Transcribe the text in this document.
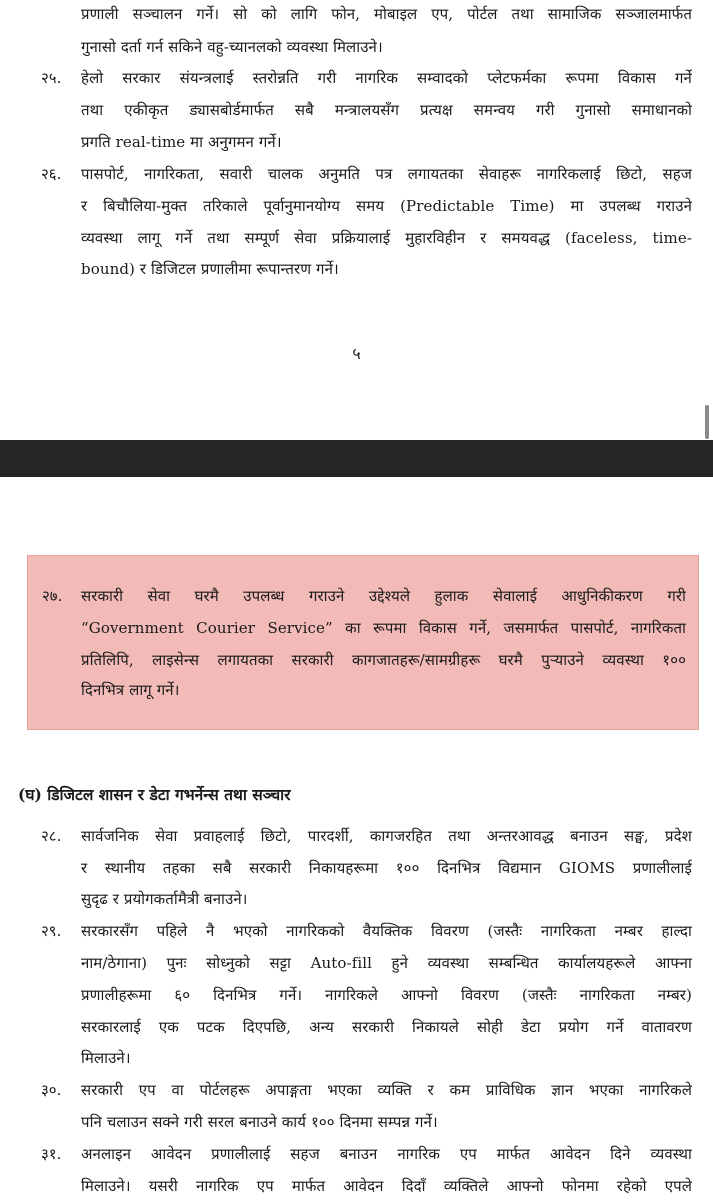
प्रणाली सञ्चालन गर्ने। सो को लागि फोन, मोबाइल एप, पोर्टल तथा सामाजिक सञ्जालमार्फत
गुनासो दर्ता गर्न सकिने वहु-च्यानलको व्यवस्था मिलाउने।
२५. हेलो सरकार संयन्त्रलाई स्तरोन्नति गरी नागरिक सम्वादको प्लेटफर्मका रूपमा विकास गर्ने
तथा एकीकृत ड्यासबोर्डमार्फत सबै मन्त्रालयसँग प्रत्यक्ष समन्वय गरी गुनासो समाधानको
प्रगति real-time मा अनुगमन गर्ने।
२६. पासपोर्ट, नागरिकता, सवारी चालक अनुमति पत्र लगायतका सेवाहरू नागरिकलाई छिटो, सहज
र बिचौलिया-मुक्त तरिकाले पूर्वानुमानयोग्य समय (Predictable Time) मा उपलब्ध गराउने
व्यवस्था लागू गर्ने तथा सम्पूर्ण सेवा प्रक्रियालाई मुहारविहीन र समयवद्ध (faceless, time-
bound) र डिजिटल प्रणालीमा रूपान्तरण गर्ने।
५
२७. सरकारी सेवा घरमै उपलब्ध गराउने उद्देश्यले हुलाक सेवालाई आधुनिकीकरण गरी
“Government Courier Service” का रूपमा विकास गर्ने, जसमार्फत पासपोर्ट, नागरिकता
प्रतिलिपि, लाइसेन्स लगायतका सरकारी कागजातहरू/सामग्रीहरू घरमै पुऱ्याउने व्यवस्था १००
दिनभित्र लागू गर्ने।
(घ) डिजिटल शासन र डेटा गभर्नेन्स तथा सञ्चार
२८. सार्वजनिक सेवा प्रवाहलाई छिटो, पारदर्शी, कागजरहित तथा अन्तरआवद्ध बनाउन सङ्घ, प्रदेश
र स्थानीय तहका सबै सरकारी निकायहरूमा १०० दिनभित्र विद्यमान GIOMS प्रणालीलाई
सुदृढ र प्रयोगकर्तामैत्री बनाउने।
२९. सरकारसँग पहिले नै भएको नागरिकको वैयक्तिक विवरण (जस्तैः नागरिकता नम्बर हाल्दा
नाम/ठेगाना) पुनः सोध्नुको सट्टा Auto-fill हुने व्यवस्था सम्बन्धित कार्यालयहरूले आफ्ना
प्रणालीहरूमा ६० दिनभित्र गर्ने। नागरिकले आफ्नो विवरण (जस्तैः नागरिकता नम्बर)
सरकारलाई एक पटक दिएपछि, अन्य सरकारी निकायले सोही डेटा प्रयोग गर्ने वातावरण
मिलाउने।
३०. सरकारी एप वा पोर्टलहरू अपाङ्गता भएका व्यक्ति र कम प्राविधिक ज्ञान भएका नागरिकले
पनि चलाउन सक्ने गरी सरल बनाउने कार्य १०० दिनमा सम्पन्न गर्ने।
३१. अनलाइन आवेदन प्रणालीलाई सहज बनाउन नागरिक एप मार्फत आवेदन दिने व्यवस्था
मिलाउने। यसरी नागरिक एप मार्फत आवेदन दिदाँ व्यक्तिले आफ्नो फोनमा रहेको एपले
